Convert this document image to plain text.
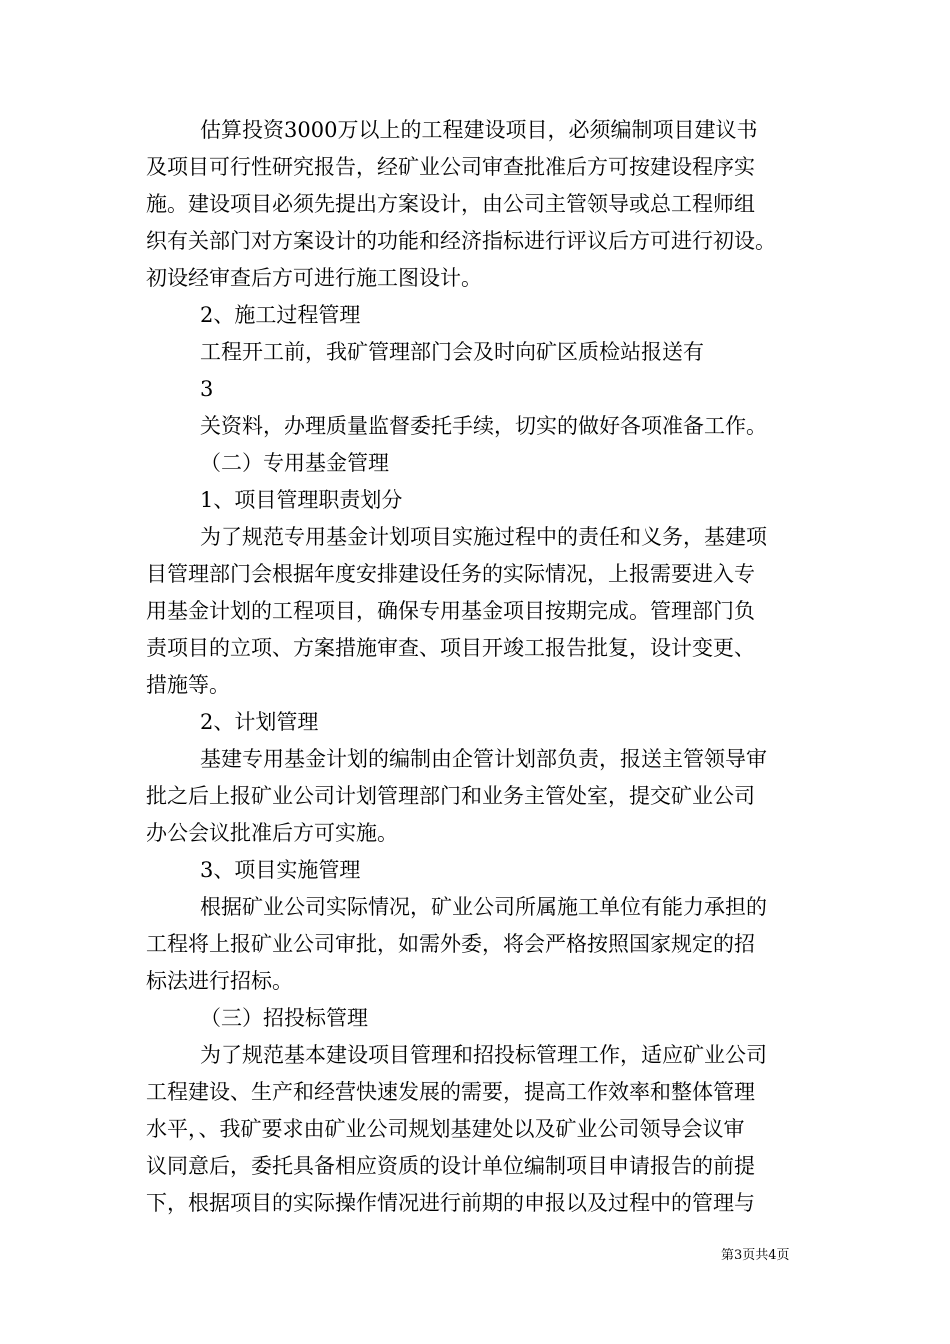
估算投资3000万以上的工程建设项目，必须编制项目建议书
及项目可行性研究报告，经矿业公司审查批准后方可按建设程序实
施。建设项目必须先提出方案设计，由公司主管领导或总工程师组
织有关部门对方案设计的功能和经济指标进行评议后方可进行初设。
初设经审查后方可进行施工图设计。
2、施工过程管理
工程开工前，我矿管理部门会及时向矿区质检站报送有
3
关资料，办理质量监督委托手续，切实的做好各项准备工作。
（二）专用基金管理
1、项目管理职责划分
为了规范专用基金计划项目实施过程中的责任和义务，基建项
目管理部门会根据年度安排建设任务的实际情况，上报需要进入专
用基金计划的工程项目，确保专用基金项目按期完成。管理部门负
责项目的立项、方案措施审查、项目开竣工报告批复，设计变更、
措施等。
2、计划管理
基建专用基金计划的编制由企管计划部负责，报送主管领导审
批之后上报矿业公司计划管理部门和业务主管处室，提交矿业公司
办公会议批准后方可实施。
3、项目实施管理
根据矿业公司实际情况，矿业公司所属施工单位有能力承担的
工程将上报矿业公司审批，如需外委，将会严格按照国家规定的招
标法进行招标。
（三）招投标管理
为了规范基本建设项目管理和招投标管理工作，适应矿业公司
工程建设、生产和经营快速发展的需要，提高工作效率和整体管理
水平，、我矿要求由矿业公司规划基建处以及矿业公司领导会议审
议同意后，委托具备相应资质的设计单位编制项目申请报告的前提
下，根据项目的实际操作情况进行前期的申报以及过程中的管理与
第3页共4页
